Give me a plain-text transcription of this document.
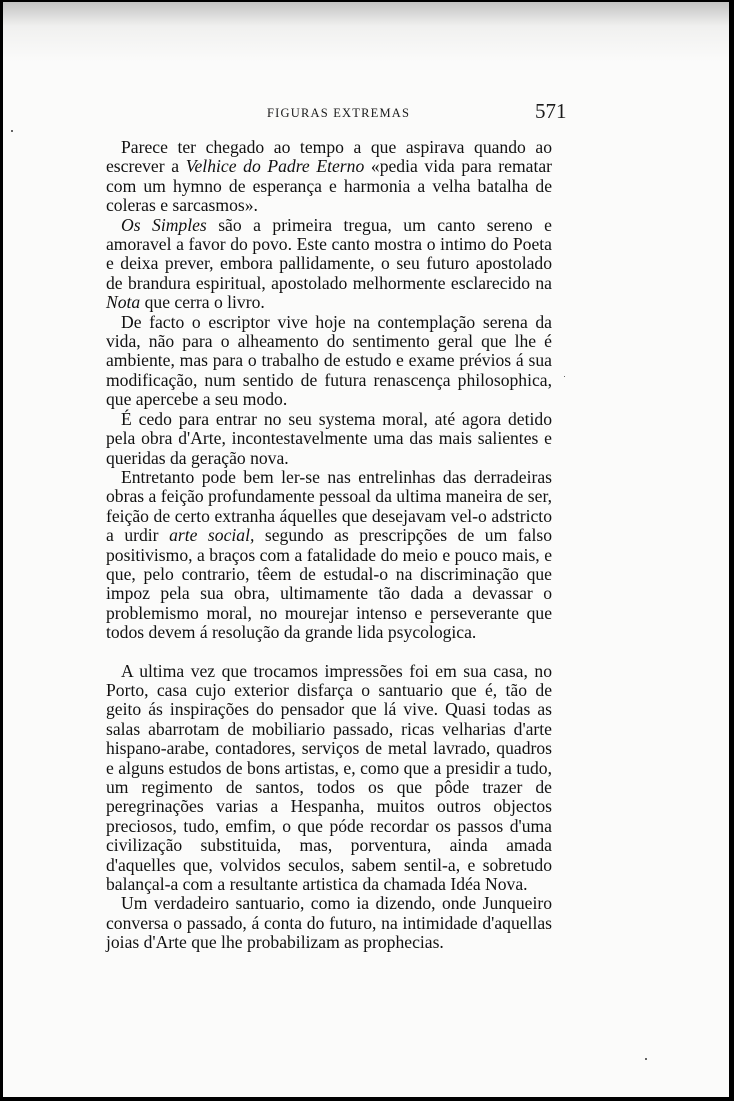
FIGURAS EXTREMAS	571

Parece ter chegado ao tempo a que aspirava quando ao escrever a Velhice do Padre Eterno «pedia vida para rematar com um hymno de esperança e harmonia a velha batalha de coleras e sarcasmos».

Os Simples são a primeira tregua, um canto sereno e amoravel a favor do povo. Este canto mostra o intimo do Poeta e deixa prever, embora pallidamente, o seu futuro apostolado de brandura espiritual, apostolado melhormente esclarecido na Nota que cerra o livro.

De facto o escriptor vive hoje na contemplação serena da vida, não para o alheamento do sentimento geral que lhe é ambiente, mas para o trabalho de estudo e exame prévios á sua modificação, num sentido de futura renascença philosophica, que apercebe a seu modo.

É cedo para entrar no seu systema moral, até agora detido pela obra d'Arte, incontestavelmente uma das mais salientes e queridas da geração nova.

Entretanto pode bem ler-se nas entrelinhas das derradeiras obras a feição profundamente pessoal da ultima maneira de ser, feição de certo extranha áquelles que desejavam vel-o adstricto a urdir arte social, segundo as prescripções de um falso positivismo, a braços com a fatalidade do meio e pouco mais, e que, pelo contrario, têem de estudal-o na discriminação que impoz pela sua obra, ultimamente tão dada a devassar o problemismo moral, no mourejar intenso e perseverante que todos devem á resolução da grande lida psycologica.

A ultima vez que trocamos impressões foi em sua casa, no Porto, casa cujo exterior disfarça o santuario que é, tão de geito ás inspirações do pensador que lá vive. Quasi todas as salas abarrotam de mobiliario passado, ricas velharias d'arte hispano-arabe, contadores, serviços de metal lavrado, quadros e alguns estudos de bons artistas, e, como que a presidir a tudo, um regimento de santos, todos os que pôde trazer de peregrinações varias a Hespanha, muitos outros objectos preciosos, tudo, emfim, o que póde recordar os passos d'uma civilização substituida, mas, porventura, ainda amada d'aquelles que, volvidos seculos, sabem sentil-a, e sobretudo balançal-a com a resultante artistica da chamada Idéa Nova.

Um verdadeiro santuario, como ia dizendo, onde Junqueiro conversa o passado, á conta do futuro, na intimidade d'aquellas joias d'Arte que lhe probabilizam as prophecias.
